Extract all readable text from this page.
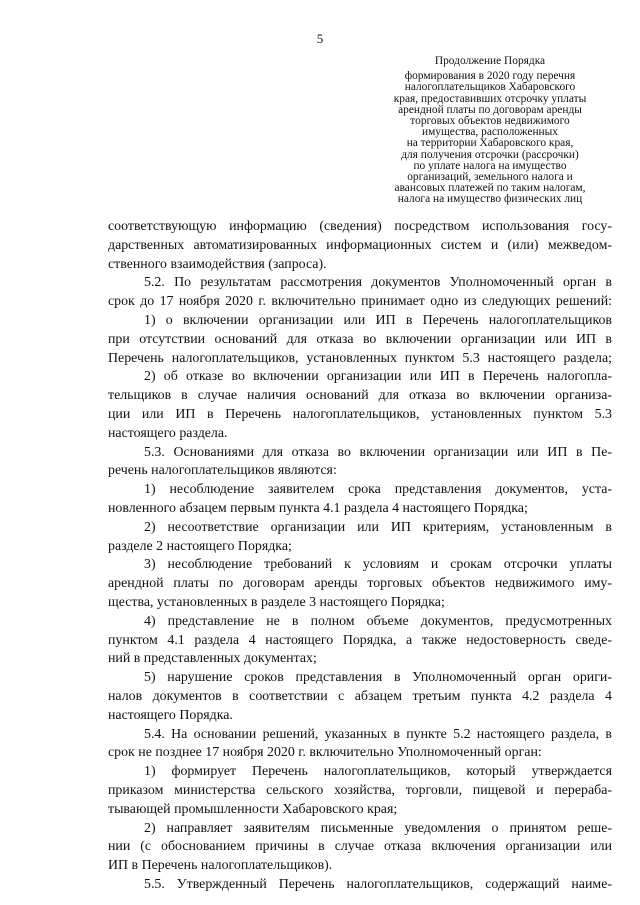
5
Продолжение Порядка
формирования в 2020 году перечня
налогоплательщиков Хабаровского
края, предоставивших отсрочку уплаты
арендной платы по договорам аренды
торговых объектов недвижимого
имущества, расположенных
на территории Хабаровского края,
для получения отсрочки (рассрочки)
по уплате налога на имущество
организаций, земельного налога и
авансовых платежей по таким налогам,
налога на имущество физических лиц
соответствующую информацию (сведения) посредством использования госу-
дарственных автоматизированных информационных систем и (или) межведом-
ственного взаимодействия (запроса).
5.2. По результатам рассмотрения документов Уполномоченный орган в
срок до 17 ноября 2020 г. включительно принимает одно из следующих решений:
1) о включении организации или ИП в Перечень налогоплательщиков
при отсутствии оснований для отказа во включении организации или ИП в
Перечень налогоплательщиков, установленных пунктом 5.3 настоящего раздела;
2) об отказе во включении организации или ИП в Перечень налогопла-
тельщиков в случае наличия оснований для отказа во включении организа-
ции или ИП в Перечень налогоплательщиков, установленных пунктом 5.3
настоящего раздела.
5.3. Основаниями для отказа во включении организации или ИП в Пе-
речень налогоплательщиков являются:
1) несоблюдение заявителем срока представления документов, уста-
новленного абзацем первым пункта 4.1 раздела 4 настоящего Порядка;
2) несоответствие организации или ИП критериям, установленным в
разделе 2 настоящего Порядка;
3) несоблюдение требований к условиям и срокам отсрочки уплаты
арендной платы по договорам аренды торговых объектов недвижимого иму-
щества, установленных в разделе 3 настоящего Порядка;
4) представление не в полном объеме документов, предусмотренных
пунктом 4.1 раздела 4 настоящего Порядка, а также недостоверность сведе-
ний в представленных документах;
5) нарушение сроков представления в Уполномоченный орган ориги-
налов документов в соответствии с абзацем третьим пункта 4.2 раздела 4
настоящего Порядка.
5.4. На основании решений, указанных в пункте 5.2 настоящего раздела, в
срок не позднее 17 ноября 2020 г. включительно Уполномоченный орган:
1) формирует Перечень налогоплательщиков, который утверждается
приказом министерства сельского хозяйства, торговли, пищевой и перераба-
тывающей промышленности Хабаровского края;
2) направляет заявителям письменные уведомления о принятом реше-
нии (с обоснованием причины в случае отказа включения организации или
ИП в Перечень налогоплательщиков).
5.5. Утвержденный Перечень налогоплательщиков, содержащий наиме-
